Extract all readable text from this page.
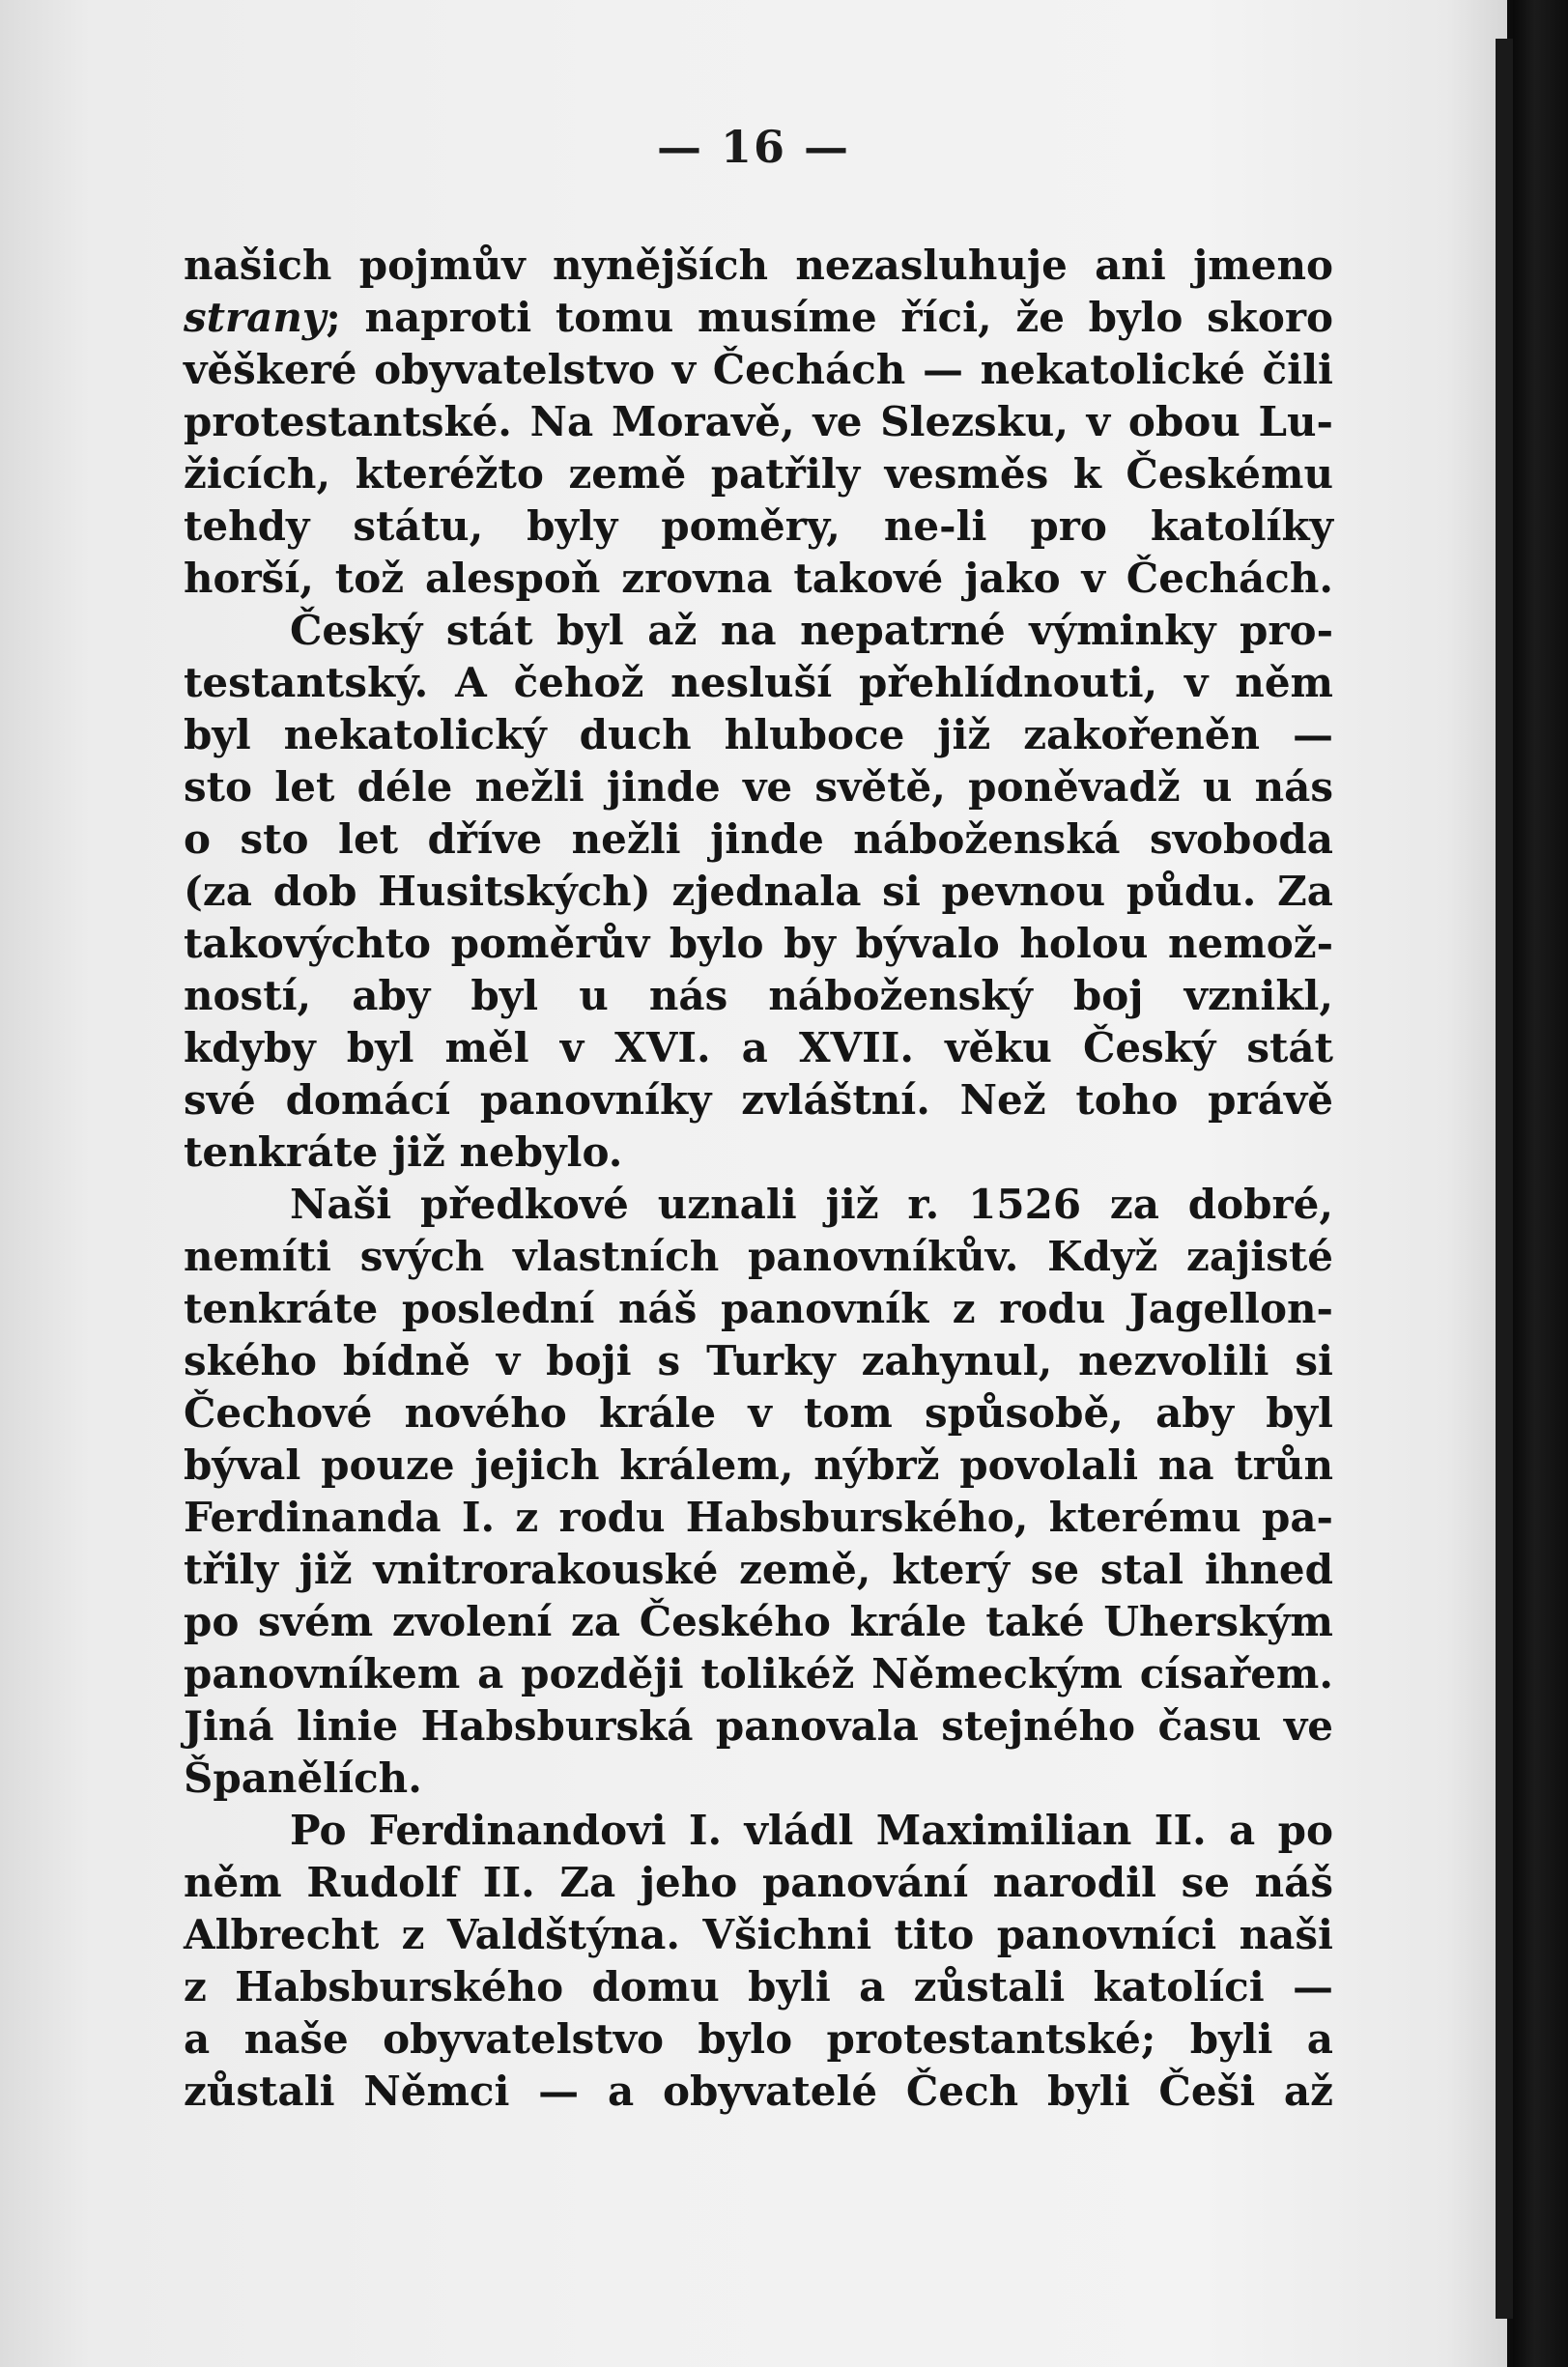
— 16 —
našich pojmův nynějších nezasluhuje ani jmeno
strany; naproti tomu musíme říci, že bylo skoro
věškeré obyvatelstvo v Čechách — nekatolické čili
protestantské. Na Moravě, ve Slezsku, v obou Lu-
žicích, kteréžto země patřily vesměs k Českému
tehdy státu, byly poměry, ne-li pro katolíky
horší, tož alespoň zrovna takové jako v Čechách.
Český stát byl až na nepatrné výminky pro-
testantský. A čehož nesluší přehlídnouti, v něm
byl nekatolický duch hluboce již zakořeněn —
sto let déle nežli jinde ve světě, poněvadž u nás
o sto let dříve nežli jinde náboženská svoboda
(za dob Husitských) zjednala si pevnou půdu. Za
takovýchto poměrův bylo by bývalo holou nemož-
ností, aby byl u nás náboženský boj vznikl,
kdyby byl měl v XVI. a XVII. věku Český stát
své domácí panovníky zvláštní. Než toho právě
tenkráte již nebylo.
Naši předkové uznali již r. 1526 za dobré,
nemíti svých vlastních panovníkův. Když zajisté
tenkráte poslední náš panovník z rodu Jagellon-
ského bídně v boji s Turky zahynul, nezvolili si
Čechové nového krále v tom spůsobě, aby byl
býval pouze jejich králem, nýbrž povolali na trůn
Ferdinanda I. z rodu Habsburského, kterému pa-
třily již vnitrorakouské země, který se stal ihned
po svém zvolení za Českého krále také Uherským
panovníkem a později tolikéž Německým císařem.
Jiná linie Habsburská panovala stejného času ve
Španělích.
Po Ferdinandovi I. vládl Maximilian II. a po
něm Rudolf II. Za jeho panování narodil se náš
Albrecht z Valdštýna. Všichni tito panovníci naši
z Habsburského domu byli a zůstali katolíci —
a naše obyvatelstvo bylo protestantské; byli a
zůstali Němci — a obyvatelé Čech byli Češi až
